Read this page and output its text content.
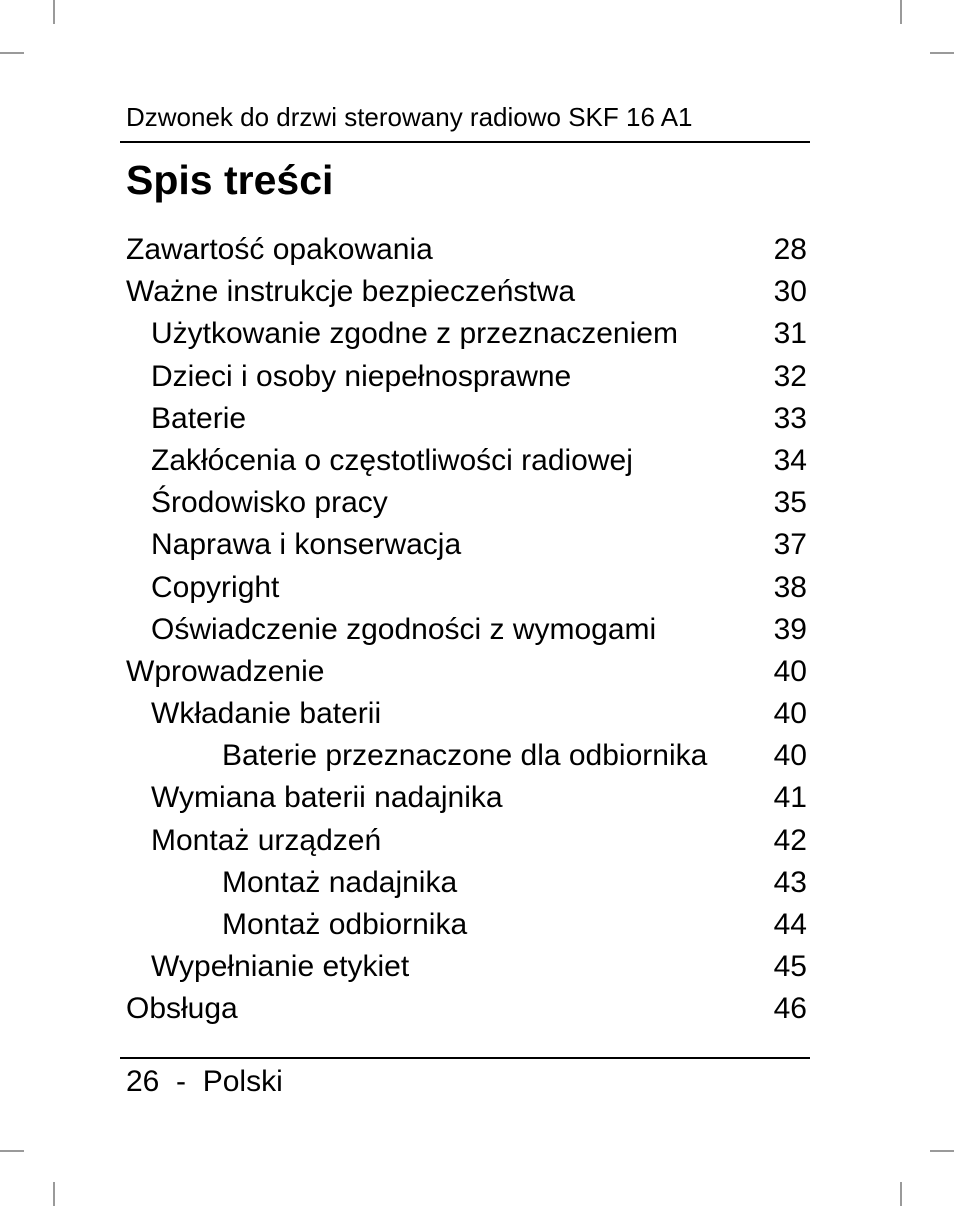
Dzwonek do drzwi sterowany radiowo SKF 16 A1
Spis treści
Zawartość opakowania	28
Ważne instrukcje bezpieczeństwa	30
Użytkowanie zgodne z przeznaczeniem	31
Dzieci i osoby niepełnosprawne	32
Baterie	33
Zakłócenia o częstotliwości radiowej	34
Środowisko pracy	35
Naprawa i konserwacja	37
Copyright	38
Oświadczenie zgodności z wymogami	39
Wprowadzenie	40
Wkładanie baterii	40
Baterie przeznaczone dla odbiornika 40
Wymiana baterii nadajnika	41
Montaż urządzeń	42
Montaż nadajnika	43
Montaż odbiornika	44
Wypełnianie etykiet	45
Obsługa	46
26 - Polski
